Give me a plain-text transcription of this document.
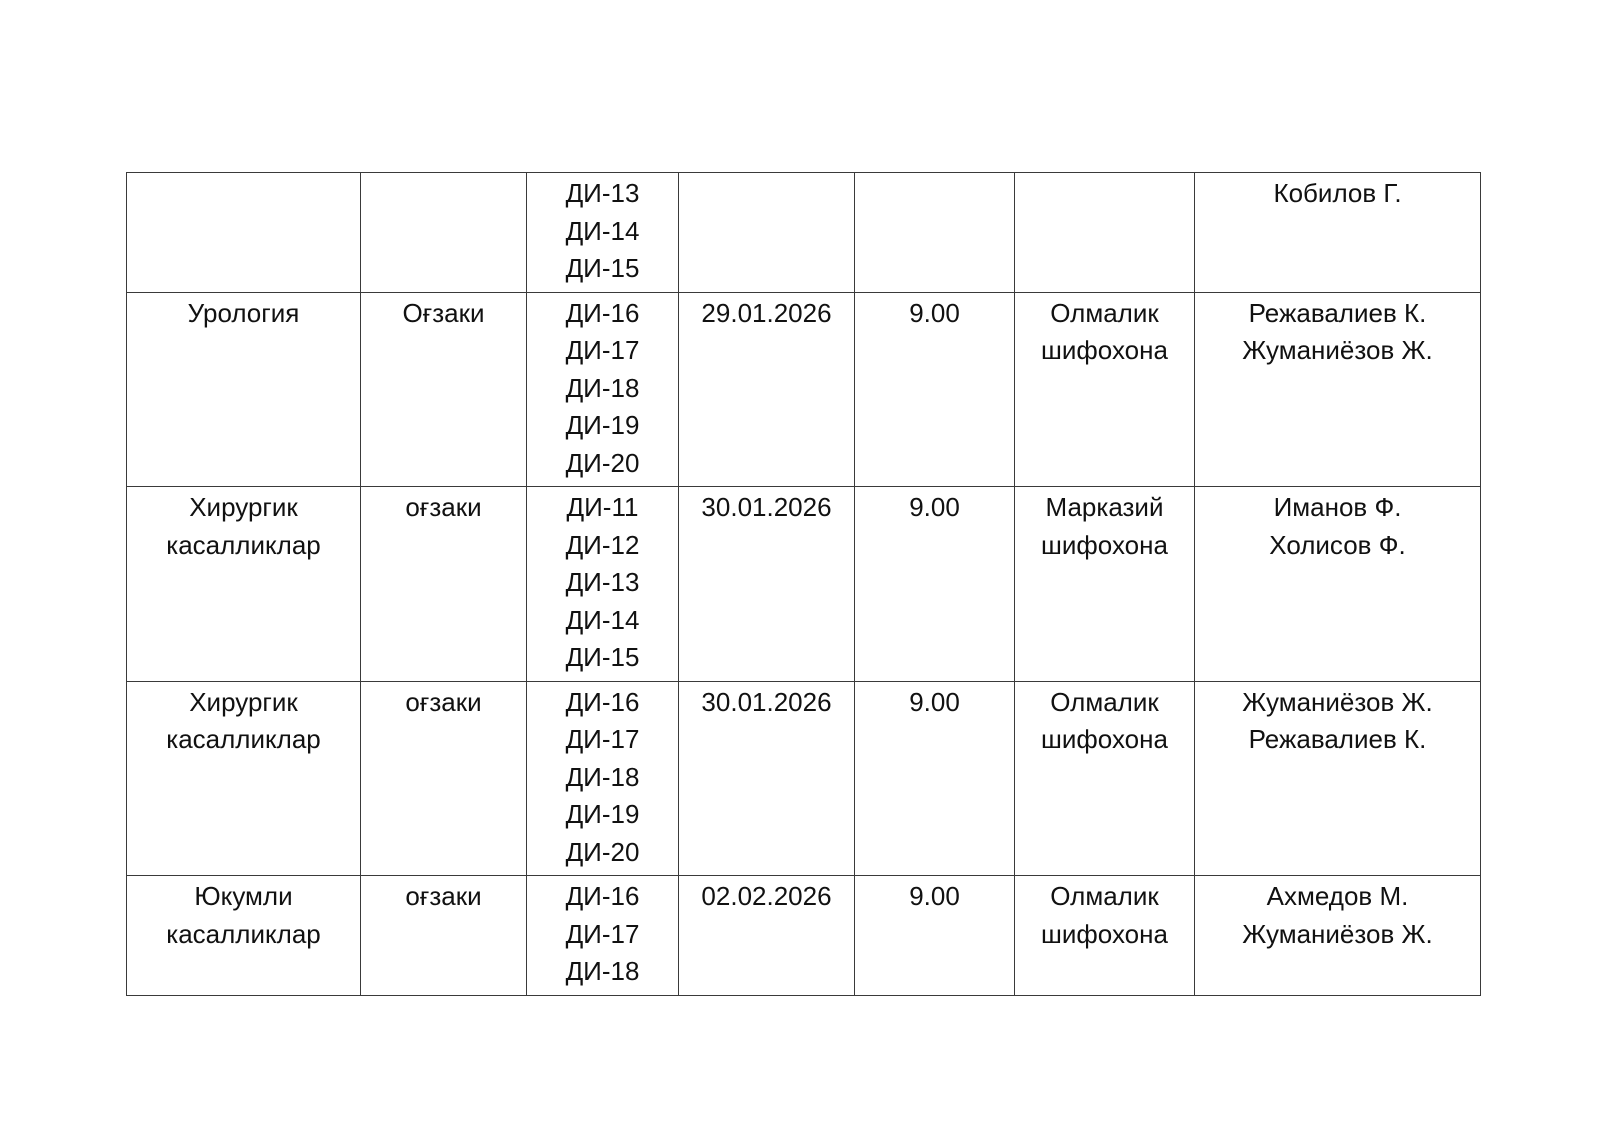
		ДИ-13
ДИ-14
ДИ-15				Кобилов Г.

Урология	Оғзаки	ДИ-16
ДИ-17
ДИ-18
ДИ-19
ДИ-20	29.01.2026	9.00	Олмалик
шифохона	Режавалиев К.
Жуманиёзов Ж.

Хирургик
касалликлар	оғзаки	ДИ-11
ДИ-12
ДИ-13
ДИ-14
ДИ-15	30.01.2026	9.00	Марказий
шифохона	Иманов Ф.
Холисов Ф.

Хирургик
касалликлар	оғзаки	ДИ-16
ДИ-17
ДИ-18
ДИ-19
ДИ-20	30.01.2026	9.00	Олмалик
шифохона	Жуманиёзов Ж.
Режавалиев К.

Юкумли
касалликлар	оғзаки	ДИ-16
ДИ-17
ДИ-18	02.02.2026	9.00	Олмалик
шифохона	Ахмедов М.
Жуманиёзов Ж.
